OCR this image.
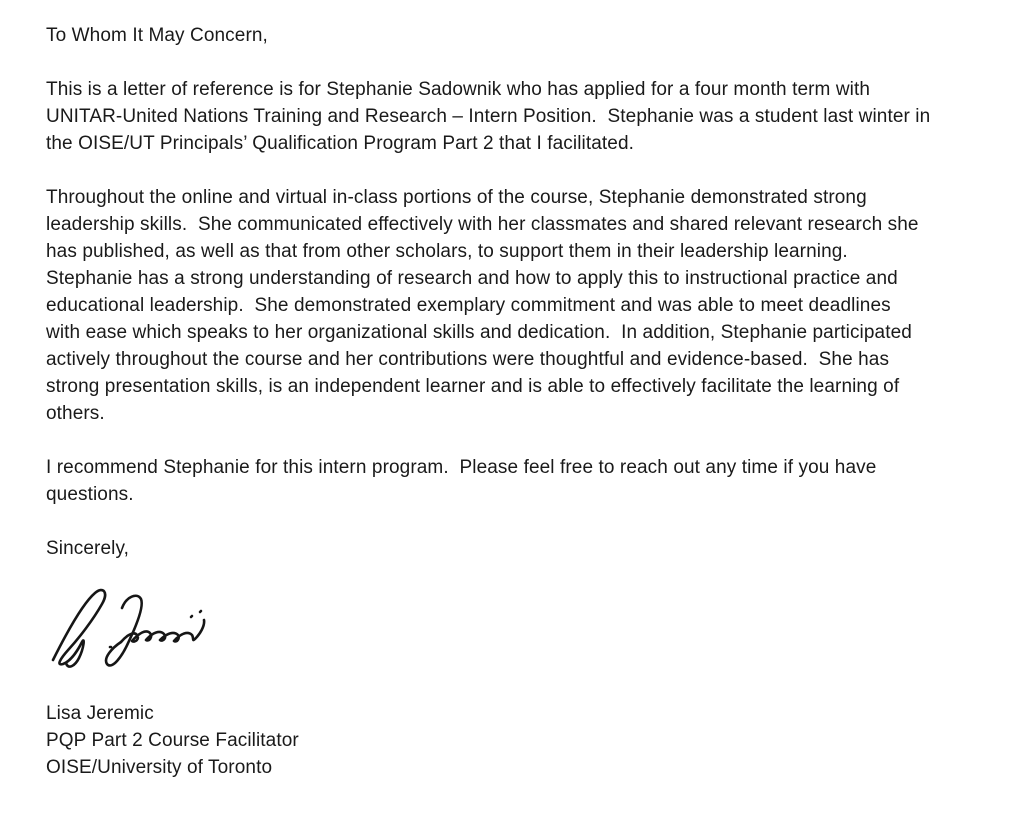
To Whom It May Concern,
This is a letter of reference is for Stephanie Sadownik who has applied for a four month term with
UNITAR-United Nations Training and Research – Intern Position.  Stephanie was a student last winter in
the OISE/UT Principals’ Qualification Program Part 2 that I facilitated.
Throughout the online and virtual in-class portions of the course, Stephanie demonstrated strong
leadership skills.  She communicated effectively with her classmates and shared relevant research she
has published, as well as that from other scholars, to support them in their leadership learning.
Stephanie has a strong understanding of research and how to apply this to instructional practice and
educational leadership.  She demonstrated exemplary commitment and was able to meet deadlines
with ease which speaks to her organizational skills and dedication.  In addition, Stephanie participated
actively throughout the course and her contributions were thoughtful and evidence-based.  She has
strong presentation skills, is an independent learner and is able to effectively facilitate the learning of
others.
I recommend Stephanie for this intern program.  Please feel free to reach out any time if you have
questions.
Sincerely,
Lisa Jeremic
PQP Part 2 Course Facilitator
OISE/University of Toronto
